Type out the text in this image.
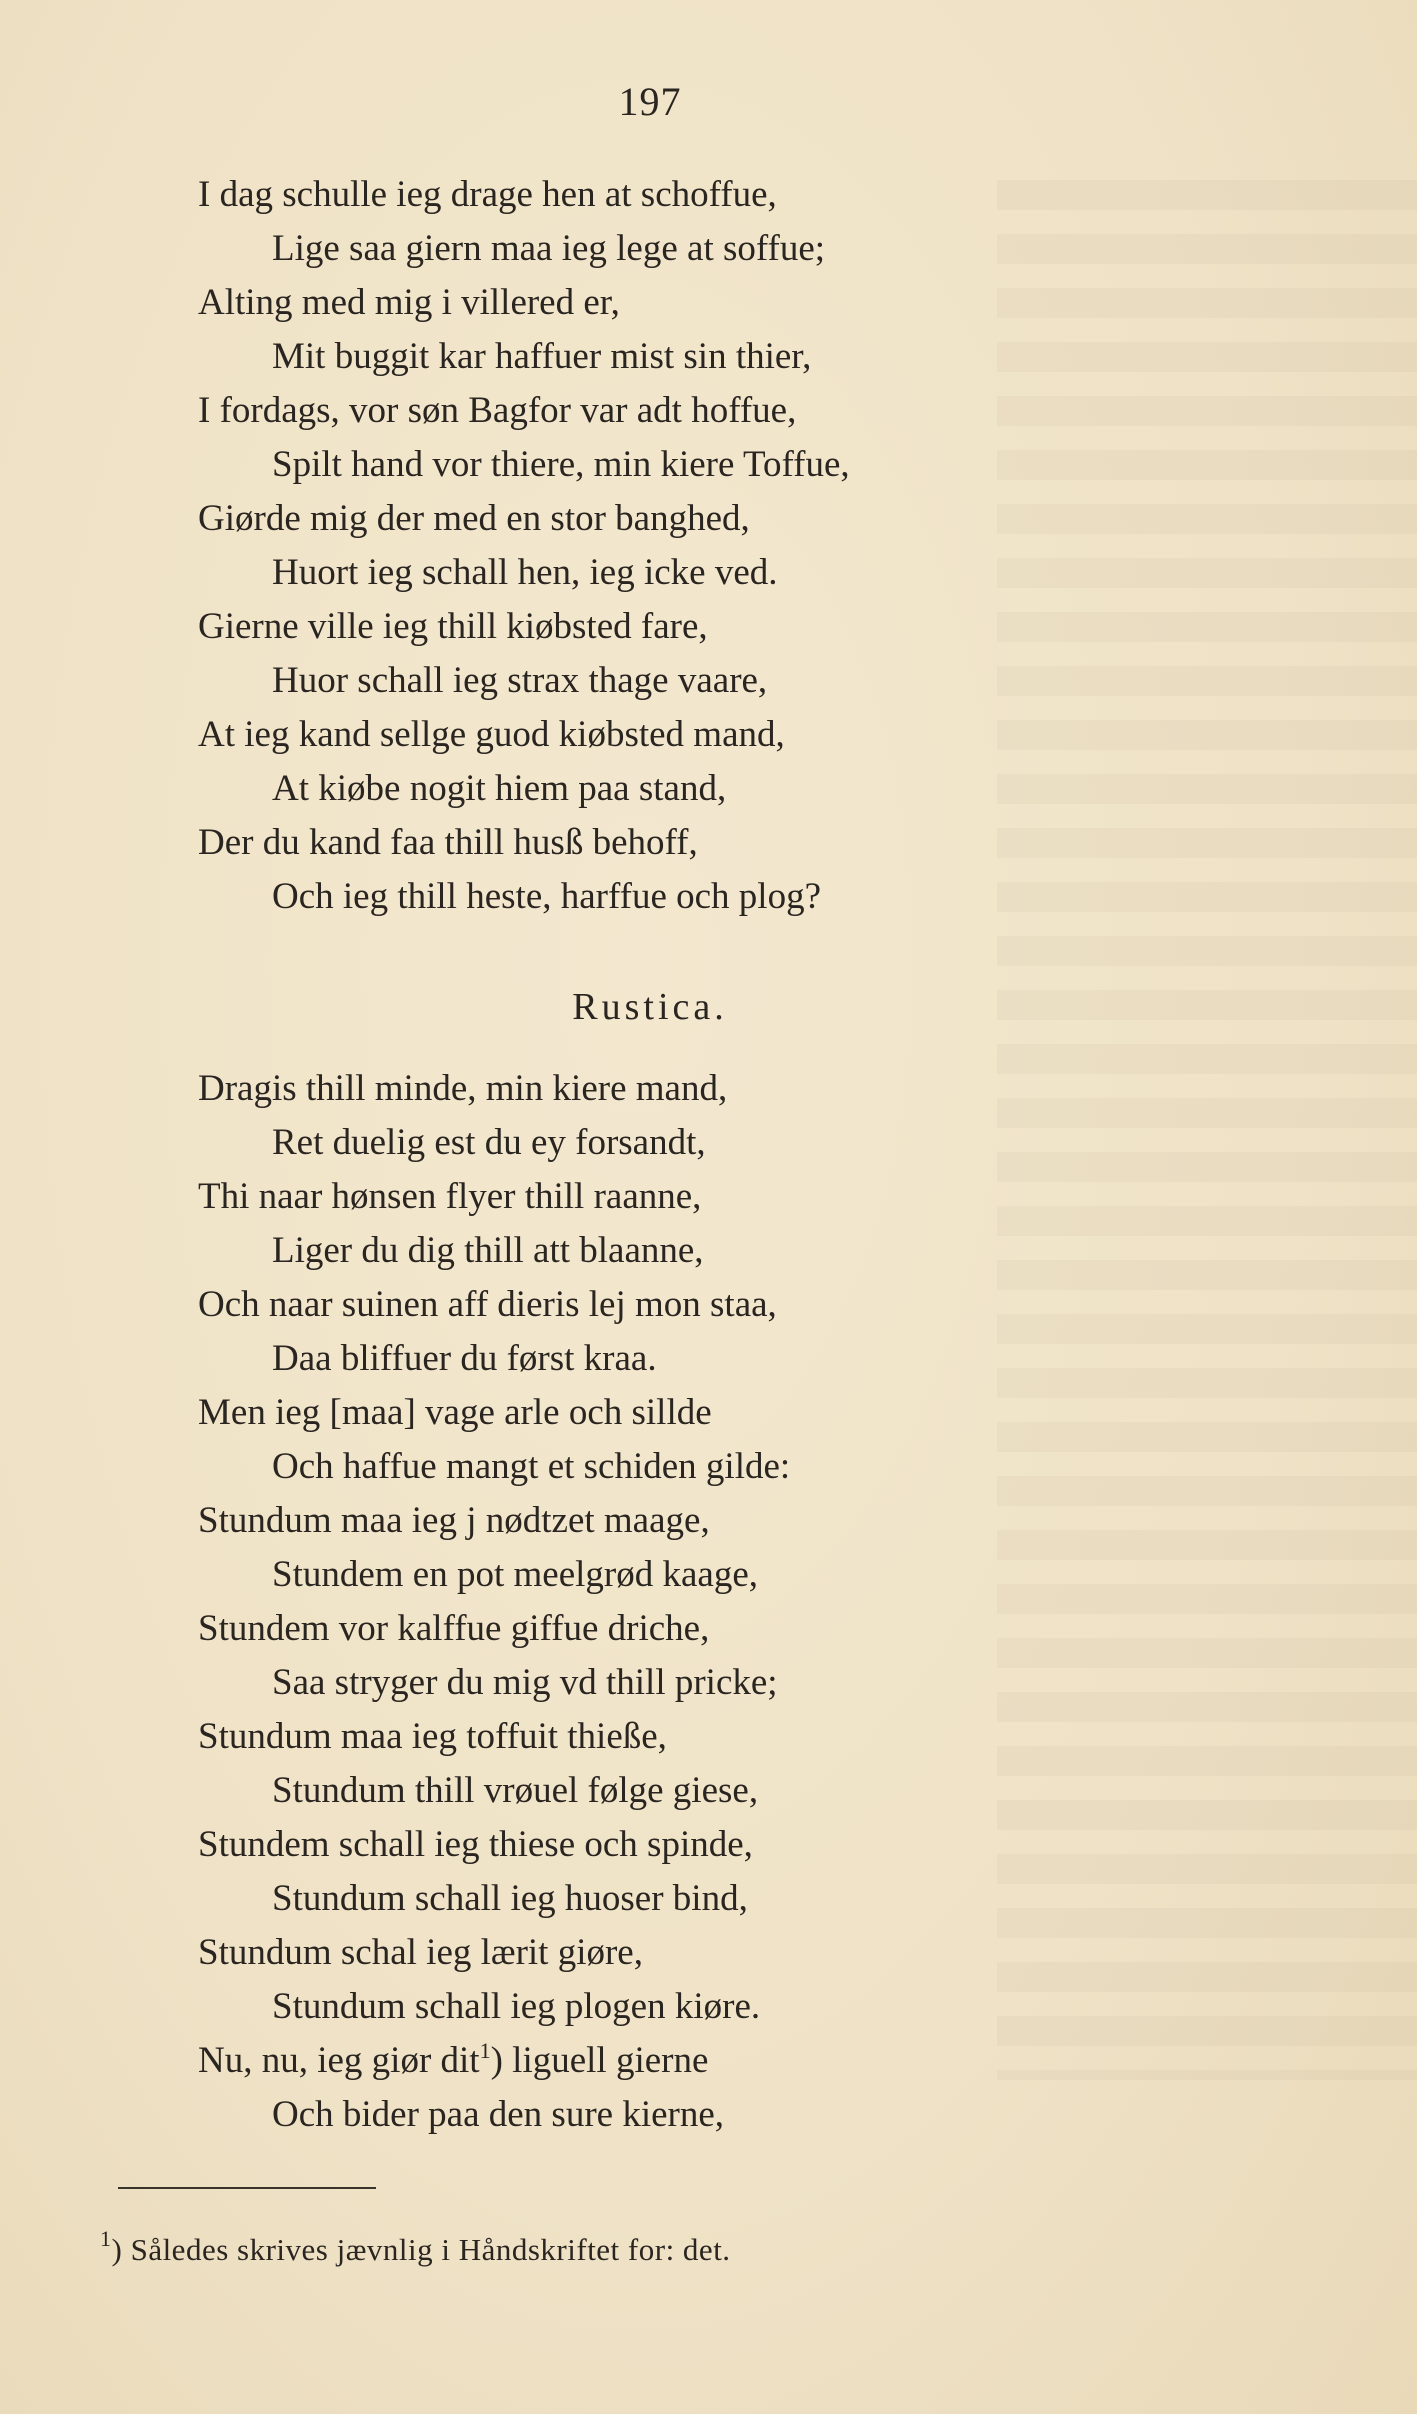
197
I dag schulle ieg drage hen at schoffue,
Lige saa giern maa ieg lege at soffue;
Alting med mig i villered er,
Mit buggit kar haffuer mist sin thier,
I fordags, vor søn Bagfor var adt hoffue,
Spilt hand vor thiere, min kiere Toffue,
Giørde mig der med en stor banghed,
Huort ieg schall hen, ieg icke ved.
Gierne ville ieg thill kiøbsted fare,
Huor schall ieg strax thage vaare,
At ieg kand sellge guod kiøbsted mand,
At kiøbe nogit hiem paa stand,
Der du kand faa thill husß behoff,
Och ieg thill heste, harffue och plog?
Rustica.
Dragis thill minde, min kiere mand,
Ret duelig est du ey forsandt,
Thi naar hønsen flyer thill raanne,
Liger du dig thill att blaanne,
Och naar suinen aff dieris lej mon staa,
Daa bliffuer du først kraa.
Men ieg [maa] vage arle och sillde
Och haffue mangt et schiden gilde:
Stundum maa ieg j nødtzet maage,
Stundem en pot meelgrød kaage,
Stundem vor kalffue giffue driche,
Saa stryger du mig vd thill pricke;
Stundum maa ieg toffuit thieße,
Stundum thill vrøuel følge giese,
Stundem schall ieg thiese och spinde,
Stundum schall ieg huoser bind,
Stundum schal ieg lærit giøre,
Stundum schall ieg plogen kiøre.
Nu, nu, ieg giør dit$^1$) liguell gierne
Och bider paa den sure kierne,
$^1$) Således skrives jævnlig i Håndskriftet for: det.
